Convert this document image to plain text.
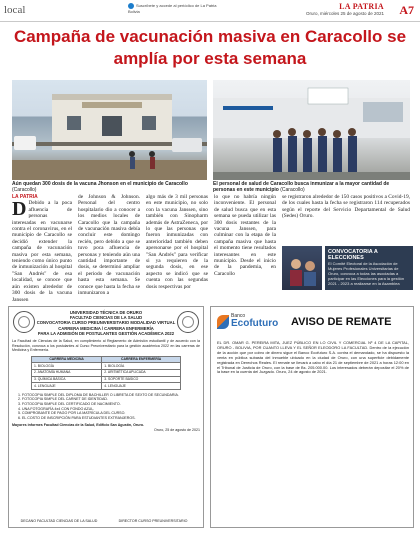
local	Suscríbete y accede al periódico de La Patria Bolivia
LA PATRIA
Oruro, miércoles 25 de agosto de 2021 A7
Campaña de vacunación masiva en Caracollo se amplía por esta semana
Aún quedan 300 dosis de la vacuna Jhonson en el municipio de Caracollo (Caracollo)
El personal de salud de Caracollo busca inmunizar a la mayor cantidad de personas en este municipio (Caracollo)
LA PATRIA
D Debido a la poca afluencia de personas interesadas en vacunarse contra el coronavirus, en el municipio de Caracollo se decidió extender la campaña de vacunación masiva por esta semana, teniendo como único punto de inmunización al hospital "San Andrés" de esa localidad, se conoce que aún existen alrededor de 300 dosis de la vacuna Janssen
de Johnson & Johnson. Personal del centro hospitalario dio a conocer a los medios locales de Caracollo que la campaña de vacunación masiva debía concluir este domingo recién, pero debido a que se tuvo poca afluencia de personas y teniendo aún una cantidad importante de dosis, se determinó ampliar el periodo de vacunación hasta esta semana. Se conoce que hasta la fecha se inmunizaron a
algo más de 3 mil personas en este municipio, no solo con la vacuna Janssen, sino también con Sinopharm además de AstraZeneca, por lo que las personas que fueron inmunizadas con anterioridad también deben apersonarse por el hospital "San Andrés" para verificar si ya requieren de la segunda dosis, en ese aspecto se indicó que se cuenta con las segundas dosis respectivas por
lo que no habría ningún inconveniente. El personal de salud busca que en esta semana se pueda utilizar las 300 dosis restantes de la vacuna Janssen, para culminar con la etapa de la campaña masiva que hasta el momento tiene resultados interesantes en este municipio. Desde el inicio de la pandemia, en Caracollo
se registraron alrededor de 150 casos positivos a Covid-19, de los cuales hasta la fecha se registraron 114 recuperados según el reporte del Servicio Departamental de Salud (Sedes) Oruro.
CONVOCATORIA A ELECCIONES
El Comité Electoral de la Asociación de Mujeres Profesionales Universitarias de Oruro, convoca a todas las asociadas a participar en las Elecciones para la gestión 2021 - 2023 a realizarse en la Asamblea
Oruro, 21 de agosto de 2021
UNIVERSIDAD TÉCNICA DE ORURO
FACULTAD CIENCIAS DE LA SALUD
CONVOCATORIA CURSO PREUNIVERSITARIO MODALIDAD VIRTUAL
CARRERA MEDICINA / CARRERA ENFERMERÍA
PARA LA ADMISIÓN DE POSTULANTES GESTIÓN ACADÉMICA 2022
La Facultad de Ciencias de la Salud, en cumplimiento al Reglamento de Admisión estudiantil y de acuerdo con la Resolución, convoca a los postulantes al Curso Preuniversitario para la gestión académica 2022 en las carreras de Medicina y Enfermería.
CARRERA MEDICINA	CARRERA ENFERMERÍA
1. BIOLOGÍA	1. BIOLOGÍA
2. ANATOMÍA HUMANA	2. ARITMÉTICA APLICADA
3. QUÍMICA BÁSICA	3. SOPORTE BÁSICO
4. LENGUAJE	4. LENGUAJE
1. FOTOCOPIA SIMPLE DEL DIPLOMA DE BACHILLER O LIBRETA DE SEXTO DE SECUNDARIA.
2. FOTOCOPIA SIMPLE DEL CARNET DE IDENTIDAD.
3. FOTOCOPIA SIMPLE DEL CERTIFICADO DE NACIMIENTO.
4. UNA FOTOGRAFÍA 4x4 CON FONDO AZUL.
5. COMPROBANTE DE PAGO POR LA MATRÍCULA DEL CURSO.
6. EL COSTO DE INSCRIPCIÓN PARA ESTUDIANTES EXTRANJEROS.
Mayores informes Facultad Ciencias de la Salud, Edificio San Agustín, Oruro.
Oruro, 25 de agosto de 2021
DECANO FACULTAD CIENCIAS DE LA SALUD	DIRECTOR CURSO PREUNIVERSITARIO
Banco
Ecofuturo AVISO DE REMATE
EL DR. OMAR G. PEREIRA MITA, JUEZ PÚBLICO EN LO CIVIL Y COMERCIAL Nº 4 DE LA CAPITAL, ORURO - BOLIVIA, POR CUANTO LLEVA Y EL SEÑOR ELEODORO LA FACULTAD. Dentro de la ejecución de la acción que por cobro de dinero sigue el Banco Ecofuturo S.A. contra el demandado, se ha dispuesto la venta en pública subasta del inmueble ubicado en la ciudad de Oruro, con una superficie debidamente registrada en Derechos Reales. El remate se llevará a cabo el día 21 de septiembre de 2021 a horas 12:00 en el Tribunal de Justicia de Oruro, con la base de Bs. 205.000.00. Los interesados deberán depositar el 20% de la base en la cuenta del Juzgado. Oruro, 24 de agosto de 2021.
